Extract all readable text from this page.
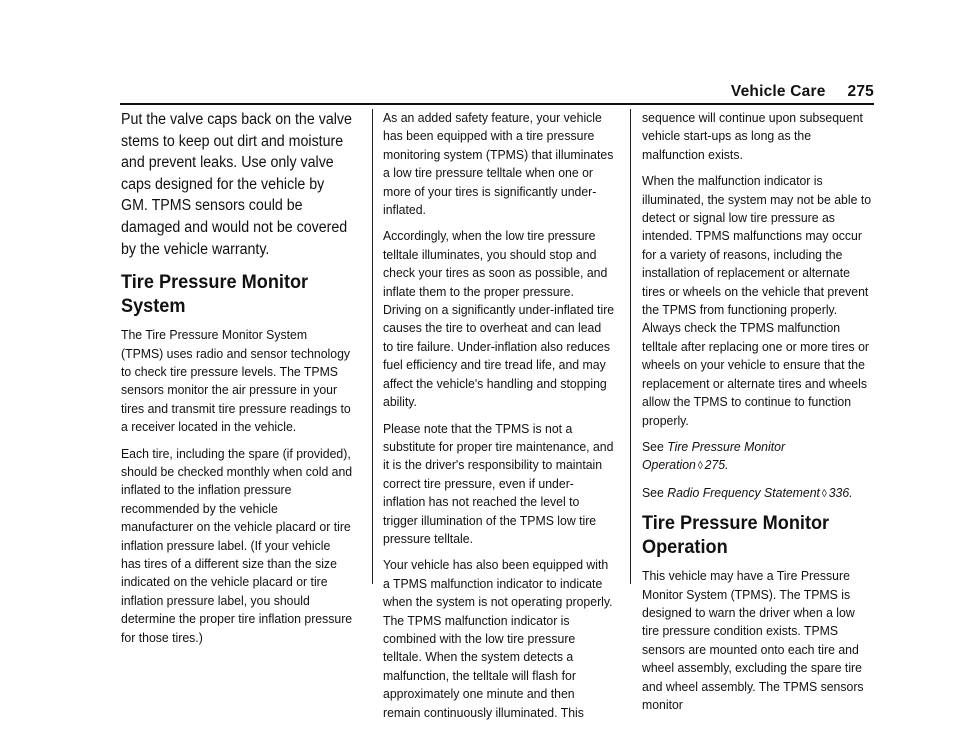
Vehicle Care 275

Put the valve caps back on the valve stems to keep out dirt and moisture and prevent leaks. Use only valve caps designed for the vehicle by GM. TPMS sensors could be damaged and would not be covered by the vehicle warranty.

Tire Pressure Monitor System

The Tire Pressure Monitor System (TPMS) uses radio and sensor technology to check tire pressure levels. The TPMS sensors monitor the air pressure in your tires and transmit tire pressure readings to a receiver located in the vehicle.

Each tire, including the spare (if provided), should be checked monthly when cold and inflated to the inflation pressure recommended by the vehicle manufacturer on the vehicle placard or tire inflation pressure label. (If your vehicle has tires of a different size than the size indicated on the vehicle placard or tire inflation pressure label, you should determine the proper tire inflation pressure for those tires.)

As an added safety feature, your vehicle has been equipped with a tire pressure monitoring system (TPMS) that illuminates a low tire pressure telltale when one or more of your tires is significantly under-inflated.

Accordingly, when the low tire pressure telltale illuminates, you should stop and check your tires as soon as possible, and inflate them to the proper pressure. Driving on a significantly under-inflated tire causes the tire to overheat and can lead to tire failure. Under-inflation also reduces fuel efficiency and tire tread life, and may affect the vehicle's handling and stopping ability.

Please note that the TPMS is not a substitute for proper tire maintenance, and it is the driver's responsibility to maintain correct tire pressure, even if under-inflation has not reached the level to trigger illumination of the TPMS low tire pressure telltale.

Your vehicle has also been equipped with a TPMS malfunction indicator to indicate when the system is not operating properly. The TPMS malfunction indicator is combined with the low tire pressure telltale. When the system detects a malfunction, the telltale will flash for approximately one minute and then remain continuously illuminated. This

sequence will continue upon subsequent vehicle start-ups as long as the malfunction exists.

When the malfunction indicator is illuminated, the system may not be able to detect or signal low tire pressure as intended. TPMS malfunctions may occur for a variety of reasons, including the installation of replacement or alternate tires or wheels on the vehicle that prevent the TPMS from functioning properly. Always check the TPMS malfunction telltale after replacing one or more tires or wheels on your vehicle to ensure that the replacement or alternate tires and wheels allow the TPMS to continue to function properly.

See Tire Pressure Monitor Operation ◊ 275.

See Radio Frequency Statement ◊ 336.

Tire Pressure Monitor Operation

This vehicle may have a Tire Pressure Monitor System (TPMS). The TPMS is designed to warn the driver when a low tire pressure condition exists. TPMS sensors are mounted onto each tire and wheel assembly, excluding the spare tire and wheel assembly. The TPMS sensors monitor
